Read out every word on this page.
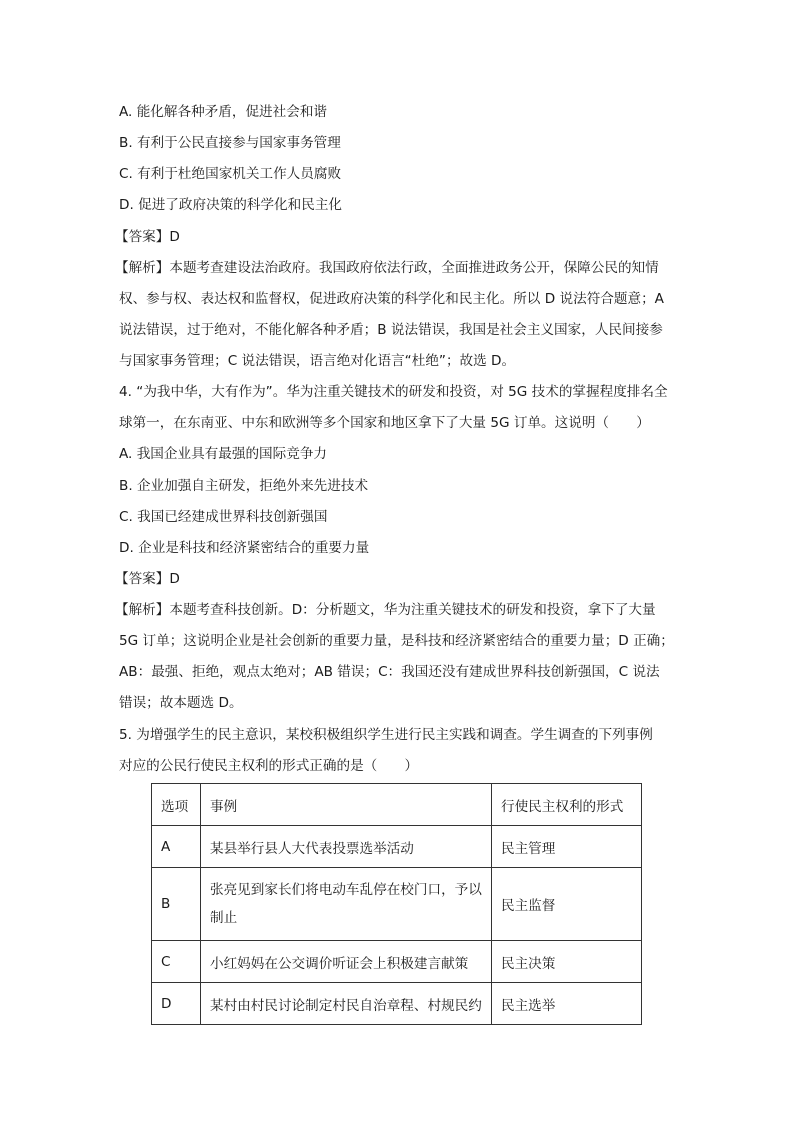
A. 能化解各种矛盾，促进社会和谐
B. 有利于公民直接参与国家事务管理
C. 有利于杜绝国家机关工作人员腐败
D. 促进了政府决策的科学化和民主化
【答案】D
【解析】本题考查建设法治政府。我国政府依法行政，全面推进政务公开，保障公民的知情
权、参与权、表达权和监督权，促进政府决策的科学化和民主化。所以 D 说法符合题意；A
说法错误，过于绝对，不能化解各种矛盾；B 说法错误，我国是社会主义国家，人民间接参
与国家事务管理；C 说法错误，语言绝对化语言“杜绝”；故选 D。
4. “为我中华，大有作为”。华为注重关键技术的研发和投资，对 5G 技术的掌握程度排名全
球第一，在东南亚、中东和欧洲等多个国家和地区拿下了大量 5G 订单。这说明（　　）
A. 我国企业具有最强的国际竞争力
B. 企业加强自主研发，拒绝外来先进技术
C. 我国已经建成世界科技创新强国
D. 企业是科技和经济紧密结合的重要力量
【答案】D
【解析】本题考查科技创新。D：分析题文，华为注重关键技术的研发和投资，拿下了大量
5G 订单；这说明企业是社会创新的重要力量，是科技和经济紧密结合的重要力量；D 正确；
AB：最强、拒绝，观点太绝对；AB 错误；C：我国还没有建成世界科技创新强国，C 说法
错误；故本题选 D。
5. 为增强学生的民主意识，某校积极组织学生进行民主实践和调查。学生调查的下列事例
对应的公民行使民主权利的形式正确的是（　　）
选项	事例	行使民主权利的形式
A	某县举行县人大代表投票选举活动	民主管理
B	张亮见到家长们将电动车乱停在校门口，予以制止	民主监督
C	小红妈妈在公交调价听证会上积极建言献策	民主决策
D	某村由村民讨论制定村民自治章程、村规民约	民主选举
